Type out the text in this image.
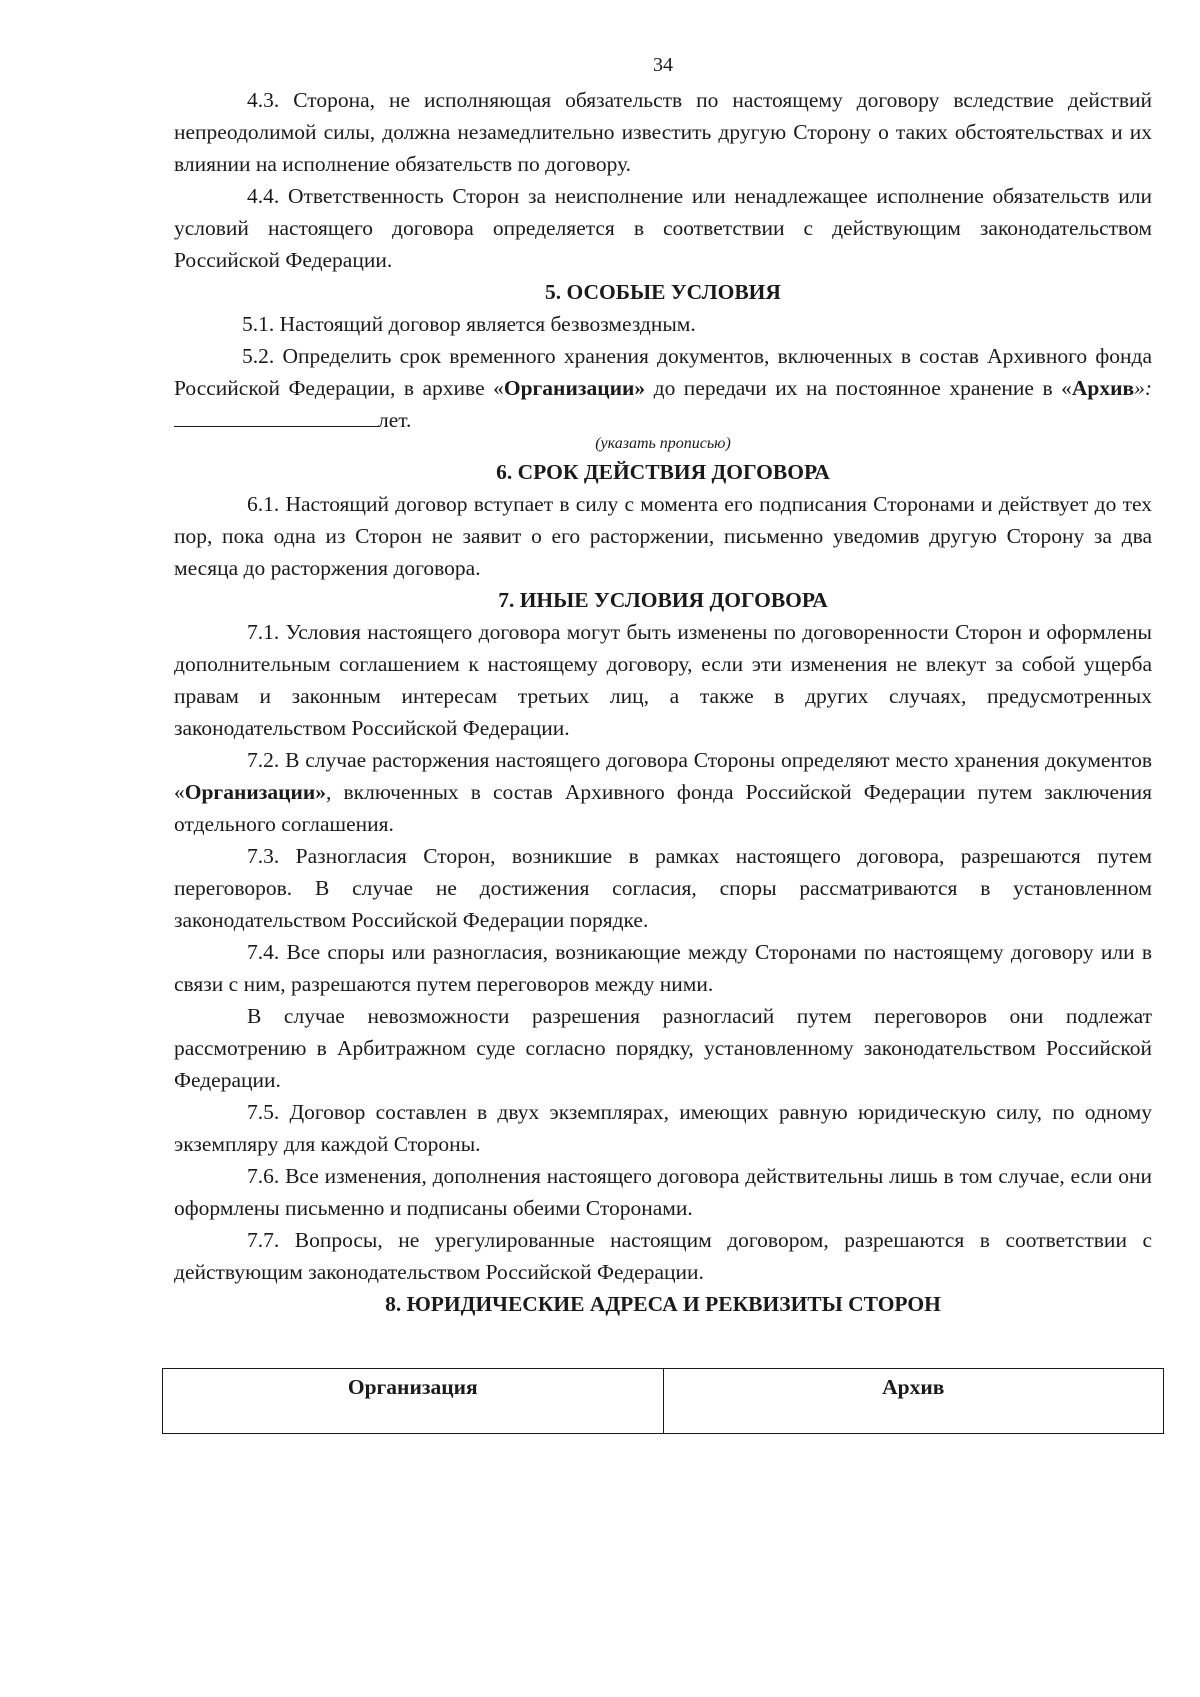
34

4.3. Сторона, не исполняющая обязательств по настоящему договору вследствие действий непреодолимой силы, должна незамедлительно известить другую Сторону о таких обстоятельствах и их влиянии на исполнение обязательств по договору.

4.4. Ответственность Сторон за неисполнение или ненадлежащее исполнение обязательств или условий настоящего договора определяется в соответствии с действующим законодательством Российской Федерации.

5. ОСОБЫЕ УСЛОВИЯ

5.1. Настоящий договор является безвозмездным.

5.2. Определить срок временного хранения документов, включенных в состав Архивного фонда Российской Федерации, в архиве «Организации» до передачи их на постоянное хранение в «Архив»:лет.

(указать прописью)
6. СРОК ДЕЙСТВИЯ ДОГОВОРА

6.1. Настоящий договор вступает в силу с момента его подписания Сторонами и действует до тех пор, пока одна из Сторон не заявит о его расторжении, письменно уведомив другую Сторону за два месяца до расторжения договора.

7. ИНЫЕ УСЛОВИЯ ДОГОВОРА

7.1. Условия настоящего договора могут быть изменены по договоренности Сторон и оформлены дополнительным соглашением к настоящему договору, если эти изменения не влекут за собой ущерба правам и законным интересам третьих лиц, а также в других случаях, предусмотренных законодательством Российской Федерации.

7.2. В случае расторжения настоящего договора Стороны определяют место хранения документов «Организации», включенных в состав Архивного фонда Российской Федерации путем заключения отдельного соглашения.

7.3. Разногласия Сторон, возникшие в рамках настоящего договора, разрешаются путем переговоров. В случае не достижения согласия, споры рассматриваются в установленном законодательством Российской Федерации порядке.

7.4. Все споры или разногласия, возникающие между Сторонами по настоящему договору или в связи с ним, разрешаются путем переговоров между ними.

В случае невозможности разрешения разногласий путем переговоров они подлежат рассмотрению в Арбитражном суде согласно порядку, установленному законодательством Российской Федерации.

7.5. Договор составлен в двух экземплярах, имеющих равную юридическую силу, по одному экземпляру для каждой Стороны.

7.6. Все изменения, дополнения настоящего договора действительны лишь в том случае, если они оформлены письменно и подписаны обеими Сторонами.

7.7. Вопросы, не урегулированные настоящим договором, разрешаются в соответствии с действующим законодательством Российской Федерации.

8. ЮРИДИЧЕСКИЕ АДРЕСА И РЕКВИЗИТЫ СТОРОН
Организация	Архив
